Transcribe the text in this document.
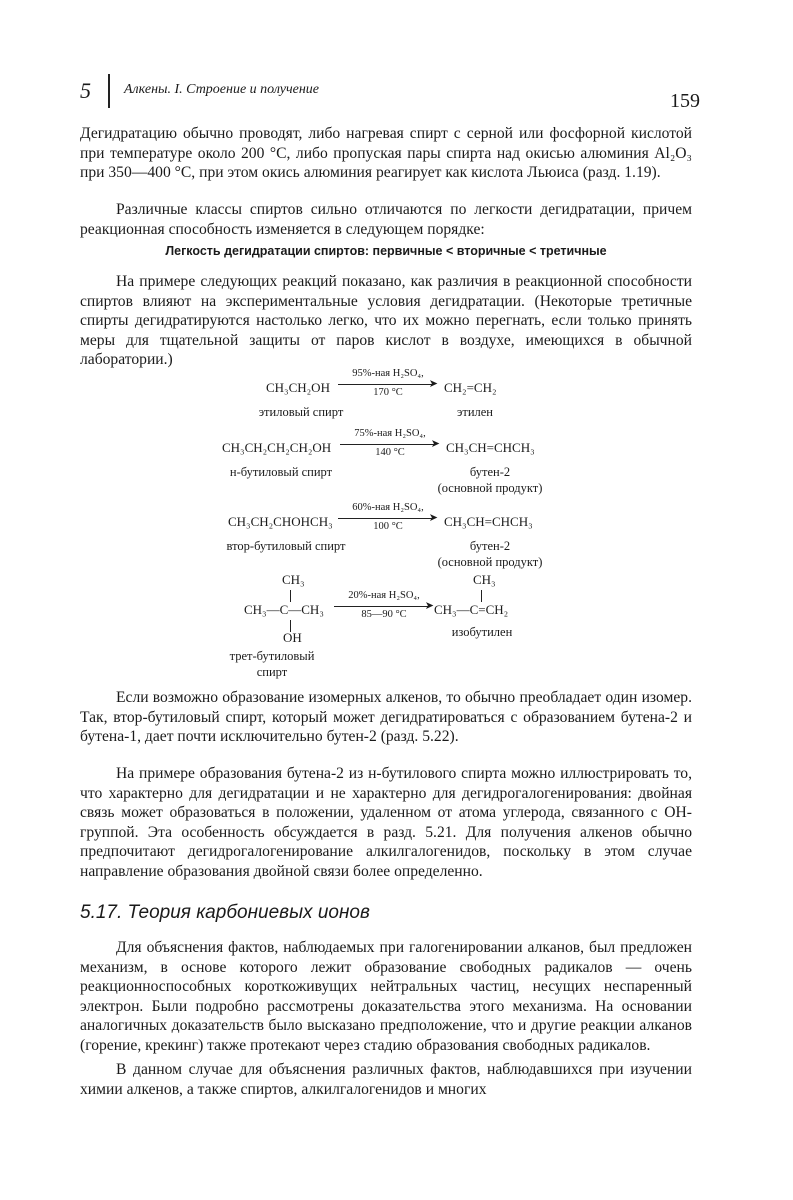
5 Алкены. I. Строение и получение
159

Дегидратацию обычно проводят, либо нагревая спирт с серной или фосфорной кислотой при температуре около 200 °C, либо пропуская пары спирта над окисью алюминия Al₂O₃ при 350—400 °C, при этом окись алюминия реагирует как кислота Льюиса (разд. 1.19).

Различные классы спиртов сильно отличаются по легкости дегидратации, причем реакционная способность изменяется в следующем порядке:

Легкость дегидратации спиртов: первичные < вторичные < третичные

На примере следующих реакций показано, как различия в реакционной способности спиртов влияют на экспериментальные условия дегидратации. (Некоторые третичные спирты дегидратируются настолько легко, что их можно перегнать, если только принять меры для тщательной защиты от паров кислот в воздухе, имеющихся в обычной лаборатории.)

CH₃CH₂OH
95%-ная H₂SO₄,
➤
170 °C	CH₂=CH₂
этиловый спирт	этилен
CH₃CH₂CH₂CH₂OH
75%-ная H₂SO₄,
➤
140 °C	CH₃CH=CHCH₃
н-бутиловый спирт	бутен-2
(основной продукт)
CH₃CH₂CHOHCH₃
60%-ная H₂SO₄,
➤
100 °C	CH₃CH=CHCH₃
втор-бутиловый спирт	бутен-2
(основной продукт)
CH₃
CH₃—C—CH₃
OH
20%-ная H₂SO₄,
➤
85—90 °C
CH₃
CH₃—C=CH₂
изобутилен
трет-бутиловый спирт

Если возможно образование изомерных алкенов, то обычно преобладает один изомер. Так, втор-бутиловый спирт, который может дегидратироваться с образованием бутена-2 и бутена-1, дает почти исключительно бутен-2 (разд. 5.22).

На примере образования бутена-2 из н-бутилового спирта можно иллюстрировать то, что характерно для дегидратации и не характерно для дегидрогалогенирования: двойная связь может образоваться в положении, удаленном от атома углерода, связанного с OH-группой. Эта особенность обсуждается в разд. 5.21. Для получения алкенов обычно предпочитают дегидрогалогенирование алкилгалогенидов, поскольку в этом случае направление образования двойной связи более определенно.

5.17. Теория карбониевых ионов

Для объяснения фактов, наблюдаемых при галогенировании алканов, был предложен механизм, в основе которого лежит образование свободных радикалов — очень реакционноспособных короткоживущих нейтральных частиц, несущих неспаренный электрон. Были подробно рассмотрены доказательства этого механизма. На основании аналогичных доказательств было высказано предположение, что и другие реакции алканов (горение, крекинг) также протекают через стадию образования свободных радикалов.

В данном случае для объяснения различных фактов, наблюдавшихся при изучении химии алкенов, а также спиртов, алкилгалогенидов и многих
